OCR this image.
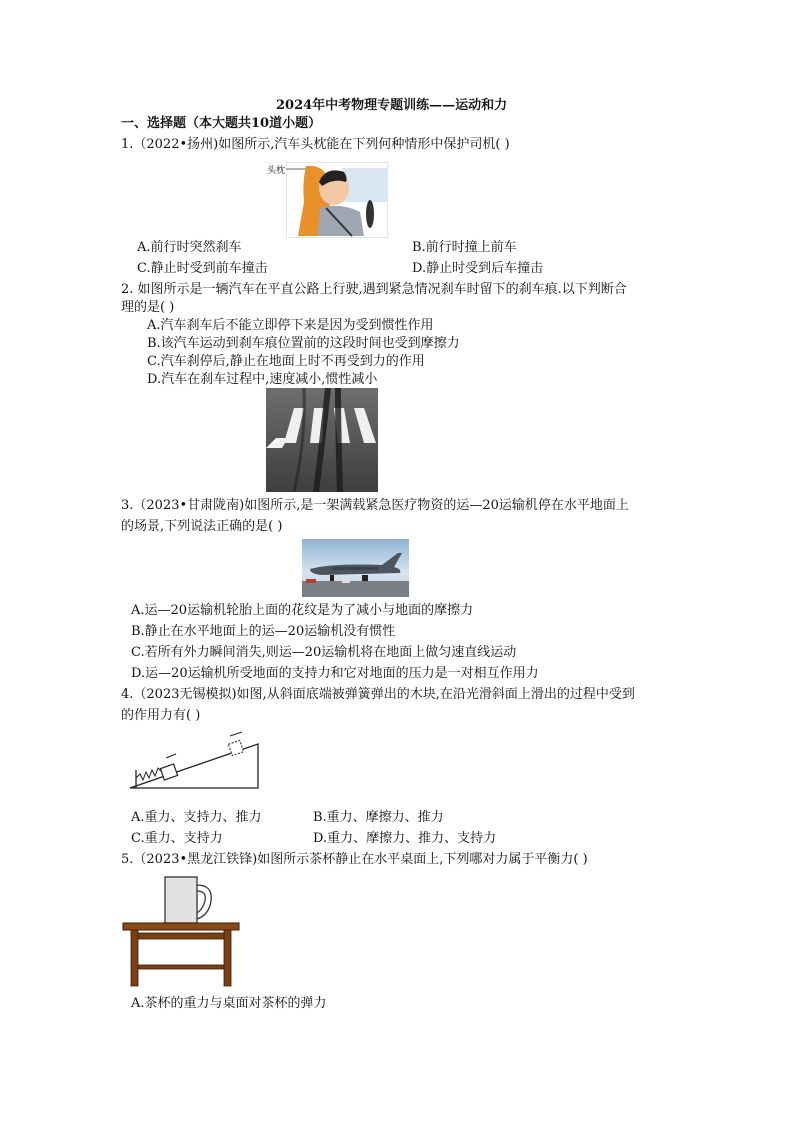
2024年中考物理专题训练——运动和力
一、选择题（本大题共10道小题）
1.（2022•扬州)如图所示,汽车头枕能在下列何种情形中保护司机( )
头枕
A.前行时突然刹车	B.前行时撞上前车
C.静止时受到前车撞击	D.静止时受到后车撞击
2. 如图所示是一辆汽车在平直公路上行驶,遇到紧急情况刹车时留下的刹车痕.以下判断合
理的是( )
A.汽车刹车后不能立即停下来是因为受到惯性作用
B.该汽车运动到刹车痕位置前的这段时间也受到摩擦力
C.汽车刹停后,静止在地面上时不再受到力的作用
D.汽车在刹车过程中,速度减小,惯性减小
3.（2023•甘肃陇南)如图所示,是一架满载紧急医疗物资的运—20运输机停在水平地面上
的场景,下列说法正确的是( )
A.运—20运输机轮胎上面的花纹是为了减小与地面的摩擦力
B.静止在水平地面上的运—20运输机没有惯性
C.若所有外力瞬间消失,则运—20运输机将在地面上做匀速直线运动
D.运—20运输机所受地面的支持力和它对地面的压力是一对相互作用力
4.（2023无锡模拟)如图,从斜面底端被弹簧弹出的木块,在沿光滑斜面上滑出的过程中受到
的作用力有( )
A.重力、支持力、推力	B.重力、摩擦力、推力
C.重力、支持力	D.重力、摩擦力、推力、支持力
5.（2023•黑龙江铁锋)如图所示茶杯静止在水平桌面上,下列哪对力属于平衡力( )
A.茶杯的重力与桌面对茶杯的弹力
